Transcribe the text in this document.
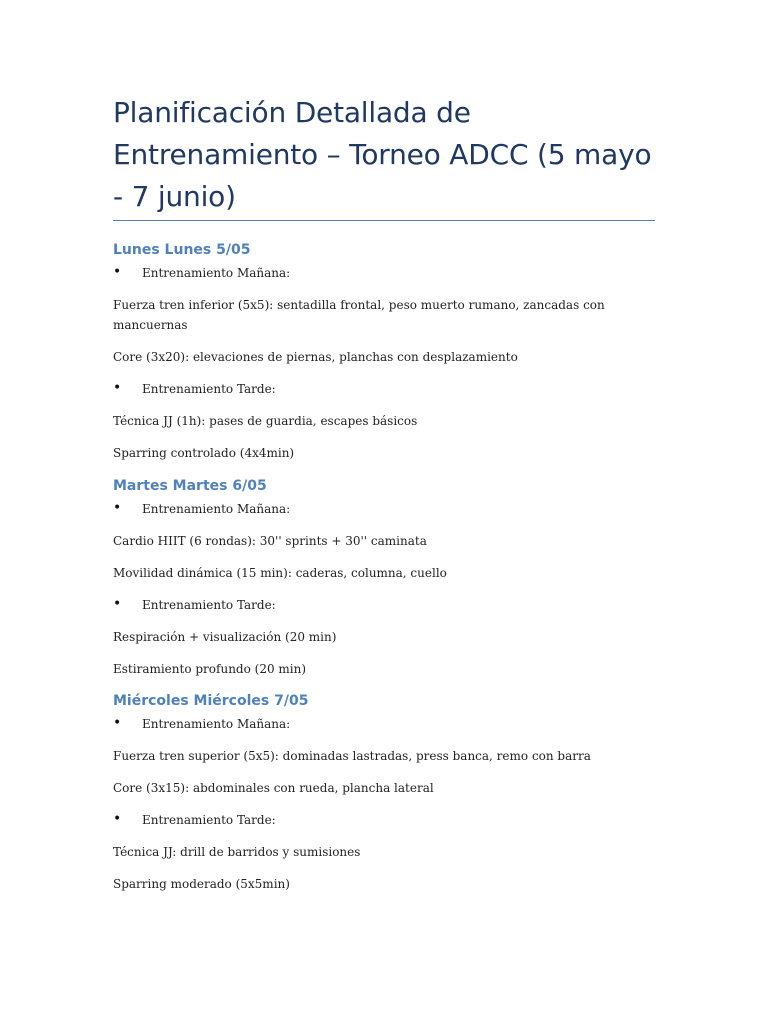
Planificación Detallada de Entrenamiento – Torneo ADCC (5 mayo - 7 junio)
Lunes Lunes 5/05
• Entrenamiento Mañana:

Fuerza tren inferior (5x5): sentadilla frontal, peso muerto rumano, zancadas con mancuernas

Core (3x20): elevaciones de piernas, planchas con desplazamiento

• Entrenamiento Tarde:

Técnica JJ (1h): pases de guardia, escapes básicos

Sparring controlado (4x4min)

Martes Martes 6/05
• Entrenamiento Mañana:

Cardio HIIT (6 rondas): 30'' sprints + 30'' caminata

Movilidad dinámica (15 min): caderas, columna, cuello

• Entrenamiento Tarde:

Respiración + visualización (20 min)

Estiramiento profundo (20 min)

Miércoles Miércoles 7/05
• Entrenamiento Mañana:

Fuerza tren superior (5x5): dominadas lastradas, press banca, remo con barra

Core (3x15): abdominales con rueda, plancha lateral

• Entrenamiento Tarde:

Técnica JJ: drill de barridos y sumisiones

Sparring moderado (5x5min)
